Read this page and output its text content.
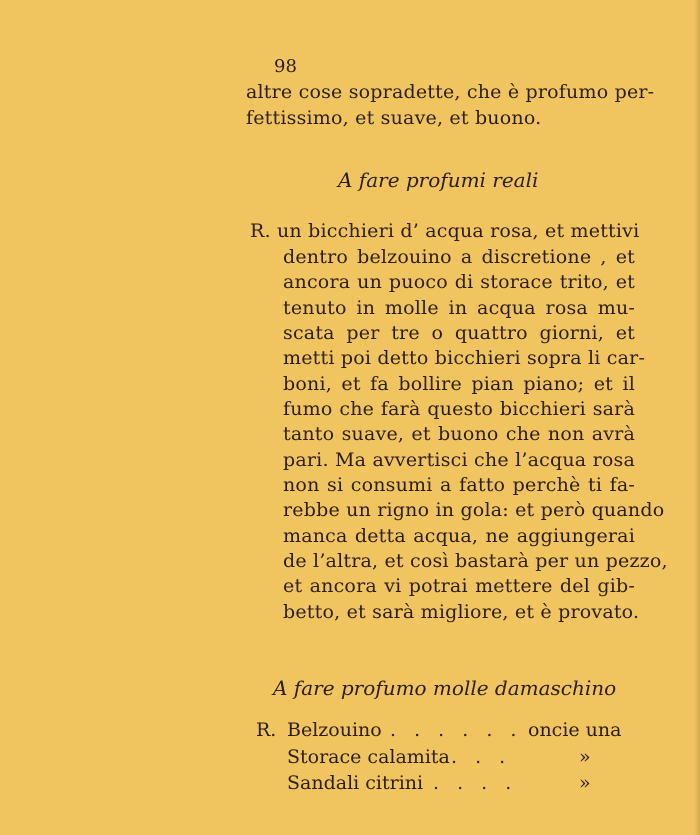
98
altre cose sopradette, che è profumo per-
fettissimo, et suave, et buono.
A fare profumi reali
R. un bicchieri d’ acqua rosa, et mettivi
dentro belzouino a discretione , et
ancora un puoco di storace trito, et
tenuto in molle in acqua rosa mu-
scata per tre o quattro giorni, et
metti poi detto bicchieri sopra li car-
boni, et fa bollire pian piano; et il
fumo che farà questo bicchieri sarà
tanto suave, et buono che non avrà
pari. Ma avvertisci che l’acqua rosa
non si consumi a fatto perchè ti fa-
rebbe un rigno in gola: et però quando
manca detta acqua, ne aggiungerai
de l’altra, et così bastarà per un pezzo,
et ancora vi potrai mettere del gib-
betto, et sarà migliore, et è provato.
A fare profumo molle damaschino
R. Belzouino . . . . . . oncie una
Storace calamita . . .	»
Sandali citrini . . . .	»
